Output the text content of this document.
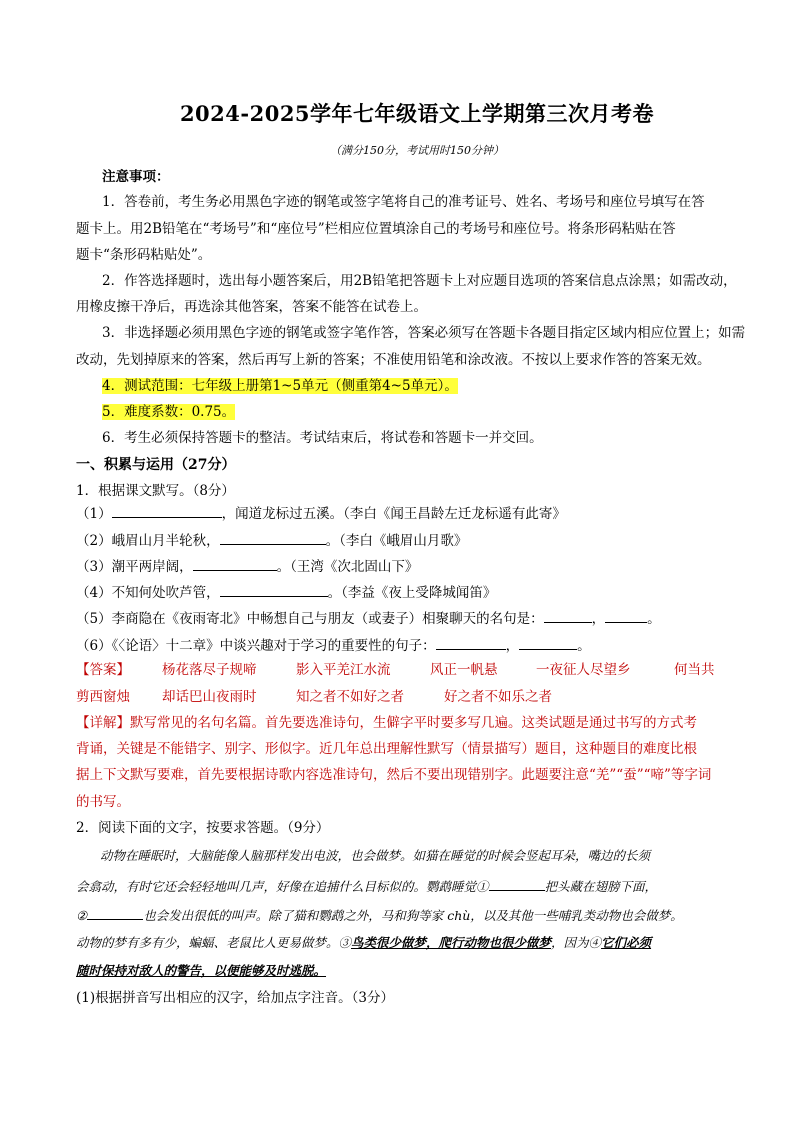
2024-2025学年七年级语文上学期第三次月考卷
（满分150分，考试用时150分钟）
注意事项：
1．答卷前，考生务必用黑色字迹的钢笔或签字笔将自己的准考证号、姓名、考场号和座位号填写在答
题卡上。用2B铅笔在“考场号”和“座位号”栏相应位置填涂自己的考场号和座位号。将条形码粘贴在答
题卡“条形码粘贴处”。
2．作答选择题时，选出每小题答案后，用2B铅笔把答题卡上对应题目选项的答案信息点涂黑；如需改动，
用橡皮擦干净后，再选涂其他答案，答案不能答在试卷上。
3．非选择题必须用黑色字迹的钢笔或签字笔作答，答案必须写在答题卡各题目指定区域内相应位置上；如需
改动，先划掉原来的答案，然后再写上新的答案；不准使用铅笔和涂改液。不按以上要求作答的答案无效。
4．测试范围：七年级上册第1~5单元（侧重第4~5单元）。
5．难度系数：0.75。
6．考生必须保持答题卡的整洁。考试结束后，将试卷和答题卡一并交回。
一、积累与运用（27分）
1．根据课文默写。（8分）
（1）	，闻道龙标过五溪。（李白《闻王昌龄左迁龙标遥有此寄》
（2）峨眉山月半轮秋，	。（李白《峨眉山月歌》
（3）潮平两岸阔，	。（王湾《次北固山下》
（4）不知何处吹芦管，	。（李益《夜上受降城闻笛》
（5）李商隐在《夜雨寄北》中畅想自己与朋友（或妻子）相聚聊天的名句是：	，	。
（6）《〈论语〉十二章》中谈兴趣对于学习的重要性的句子：	，	。
【答案】 杨花落尽子规啼	影入平羌江水流	风正一帆悬	一夜征人尽望乡	何当共
剪西窗烛 却话巴山夜雨时	知之者不如好之者	好之者不如乐之者
【详解】默写常见的名句名篇。首先要选准诗句，生僻字平时要多写几遍。这类试题是通过书写的方式考
背诵，关键是不能错字、别字、形似字。近几年总出理解性默写（情景描写）题目，这种题目的难度比根
据上下文默写要难，首先要根据诗歌内容选准诗句，然后不要出现错别字。此题要注意“羌”“蚕”“啼”等字词
的书写。
2．阅读下面的文字，按要求答题。（9分）
动物在睡眠时，大脑能像人脑那样发出电波，也会做梦。如猫在睡觉的时候会竖起耳朵，嘴边的长须
会翕动，有时它还会轻轻地叫几声，好像在追捕什么目标似的。鹦鹉睡觉①	把头藏在翅膀下面，
②	也会发出很低的叫声。除了猫和鹦鹉之外，马和狗等家 chù，以及其他一些哺乳类动物也会做梦。
动物的梦有多有少，蝙蝠、老鼠比人更易做梦。③鸟类很少做梦，爬行动物也很少做梦，因为④它们必须
随时保持对敌人的警告，以便能够及时逃脱。
(1)根据拼音写出相应的汉字，给加点字注音。（3分）
